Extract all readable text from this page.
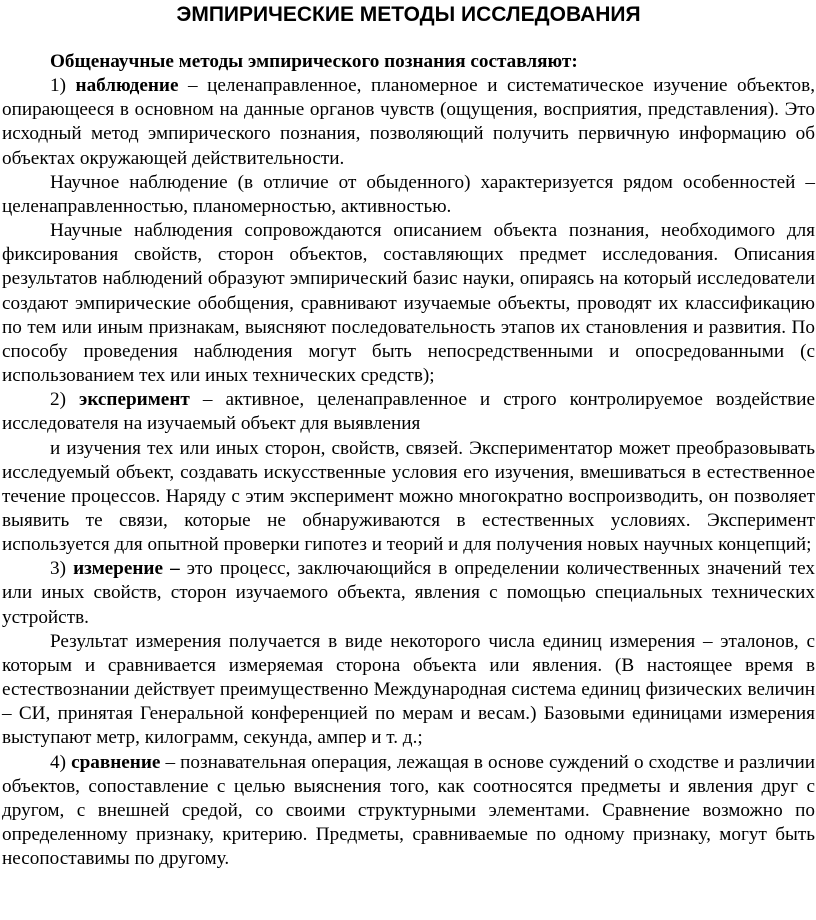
ЭМПИРИЧЕСКИЕ МЕТОДЫ ИССЛЕДОВАНИЯ
Общенаучные методы эмпирического познания составляют:
1) наблюдение – целенаправленное, планомерное и систематическое изучение объектов, опирающееся в основном на данные органов чувств (ощущения, восприятия, представления). Это исходный метод эмпирического познания, позволяющий получить первичную информацию об объектах окружающей действительности.
Научное наблюдение (в отличие от обыденного) характеризуется рядом особенностей – целенаправленностью, планомерностью, активностью.
Научные наблюдения сопровождаются описанием объекта познания, необходимого для фиксирования свойств, сторон объектов, составляющих предмет исследования. Описания результатов наблюдений образуют эмпирический базис науки, опираясь на который исследователи создают эмпирические обобщения, сравнивают изучаемые объекты, проводят их классификацию по тем или иным признакам, выясняют последовательность этапов их становления и развития. По способу проведения наблюдения могут быть непосредственными и опосредованными (с использованием тех или иных технических средств);
2) эксперимент – активное, целенаправленное и строго контролируемое воздействие исследователя на изучаемый объект для выявления
и изучения тех или иных сторон, свойств, связей. Экспериментатор может преобразовывать исследуемый объект, создавать искусственные условия его изучения, вмешиваться в естественное течение процессов. Наряду с этим эксперимент можно многократно воспроизводить, он позволяет выявить те связи, которые не обнаруживаются в естественных условиях. Эксперимент используется для опытной проверки гипотез и теорий и для получения новых научных концепций;
3) измерение – это процесс, заключающийся в определении количественных значений тех или иных свойств, сторон изучаемого объекта, явления с помощью специальных технических устройств.
Результат измерения получается в виде некоторого числа единиц измерения – эталонов, с которым и сравнивается измеряемая сторона объекта или явления. (В настоящее время в естествознании действует преимущественно Международная система единиц физических величин – СИ, принятая Генеральной конференцией по мерам и весам.) Базовыми единицами измерения выступают метр, килограмм, секунда, ампер и т. д.;
4) сравнение – познавательная операция, лежащая в основе суждений о сходстве и различии объектов, сопоставление с целью выяснения того, как соотносятся предметы и явления друг с другом, с внешней средой, со своими структурными элементами. Сравнение возможно по определенному признаку, критерию. Предметы, сравниваемые по одному признаку, могут быть несопоставимы по другому.
